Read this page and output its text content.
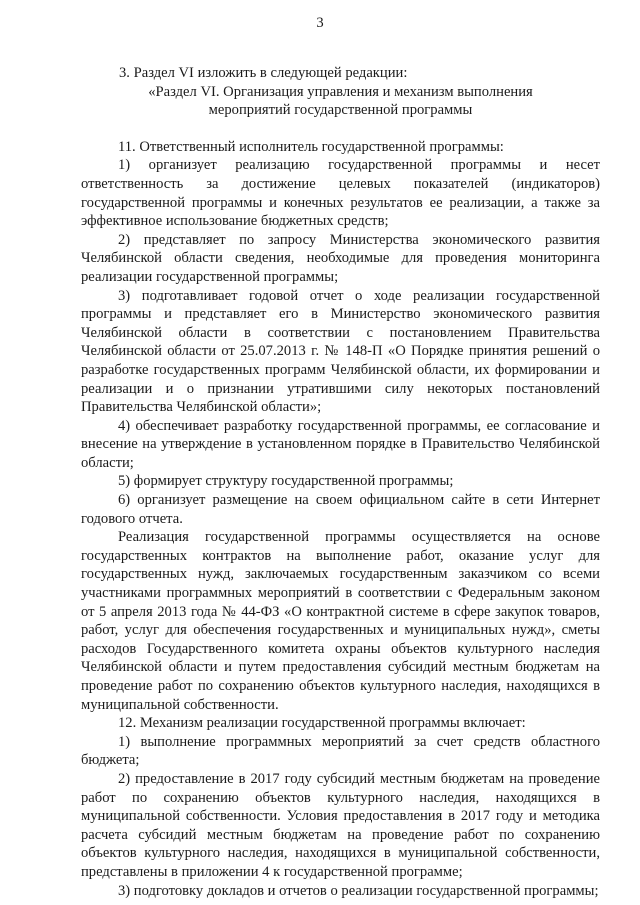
3

3. Раздел VI изложить в следующей редакции:

«Раздел VI. Организация управления и механизм выполнения

мероприятий государственной программы

11. Ответственный исполнитель государственной программы:

1) организует реализацию государственной программы и несет ответственность за достижение целевых показателей (индикаторов) государственной программы и конечных результатов ее реализации, а также за эффективное использование бюджетных средств;

2) представляет по запросу Министерства экономического развития Челябинской области сведения, необходимые для проведения мониторинга реализации государственной программы;

3) подготавливает годовой отчет о ходе реализации государственной программы и представляет его в Министерство экономического развития Челябинской области в соответствии с постановлением Правительства Челябинской области от 25.07.2013 г. № 148-П «О Порядке принятия решений о разработке государственных программ Челябинской области, их формировании и реализации и о признании утратившими силу некоторых постановлений Правительства Челябинской области»;

4) обеспечивает разработку государственной программы, ее согласование и внесение на утверждение в установленном порядке в Правительство Челябинской области;

5) формирует структуру государственной программы;

6) организует размещение на своем официальном сайте в сети Интернет годового отчета.

Реализация государственной программы осуществляется на основе государственных контрактов на выполнение работ, оказание услуг для государственных нужд, заключаемых государственным заказчиком со всеми участниками программных мероприятий в соответствии с Федеральным законом от 5 апреля 2013 года № 44-ФЗ «О контрактной системе в сфере закупок товаров, работ, услуг для обеспечения государственных и муниципальных нужд», сметы расходов Государственного комитета охраны объектов культурного наследия Челябинской области и путем предоставления субсидий местным бюджетам на проведение работ по сохранению объектов культурного наследия, находящихся в муниципальной собственности.

12. Механизм реализации государственной программы включает:

1) выполнение программных мероприятий за счет средств областного бюджета;

2) предоставление в 2017 году субсидий местным бюджетам на проведение работ по сохранению объектов культурного наследия, находящихся в муниципальной собственности. Условия предоставления в 2017 году и методика расчета субсидий местным бюджетам на проведение работ по сохранению объектов культурного наследия, находящихся в муниципальной собственности, представлены в приложении 4 к государственной программе;

3) подготовку докладов и отчетов о реализации государственной программы;
